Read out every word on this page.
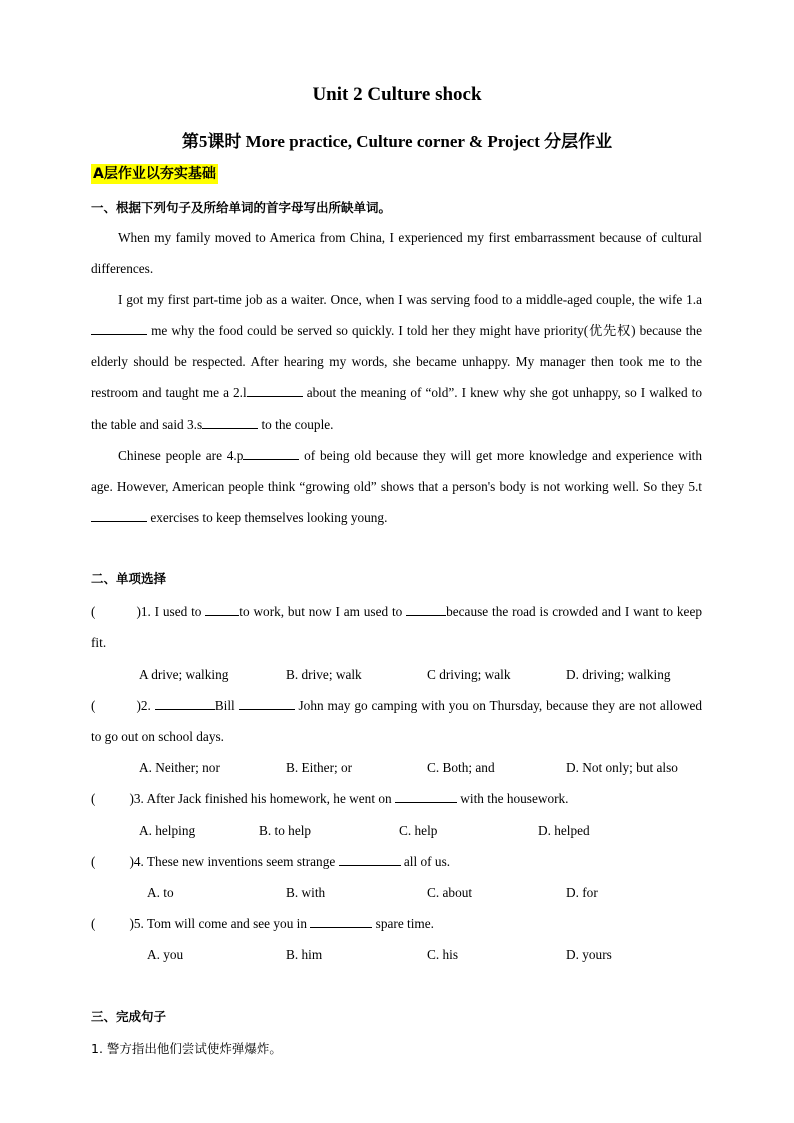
Unit 2 Culture shock
第5课时 More practice, Culture corner & Project 分层作业
A层作业以夯实基础
一、根据下列句子及所给单词的首字母写出所缺单词。

When my family moved to America from China, I experienced my first embarrassment because of cultural differences.

I got my first part-time job as a waiter. Once, when I was serving food to a middle-aged couple, the wife 1.a me why the food could be served so quickly. I told her they might have priority(优先权) because the elderly should be respected. After hearing my words, she became unhappy. My manager then took me to the restroom and taught me a 2.l	about the meaning of “old”. I knew why she got unhappy, so I walked to the table and said 3.s	to the couple.

Chinese people are 4.p	of being old because they will get more knowledge and experience with age. However, American people think “growing old” shows that a person's body is not working well. So they 5.t exercises to keep themselves looking young.

二、单项选择
(	)1. I used to	to work, but now I am used to	because the road is crowded and I want to keep fit.
A drive; walking	B. drive; walk	C driving; walk	D. driving; walking
(	)2.	Bill	John may go camping with you on Thursday, because they are not allowed to go out on school days.
A. Neither; nor	B. Either; or	C. Both; and	D. Not only; but also
(	)3. After Jack finished his homework, he went on	with the housework.
A. helping	B. to help	C. help	D. helped
(	)4. These new inventions seem strange	all of us.
A. to	B. with	C. about	D. for
(	)5. Tom will come and see you in	spare time.
A. you	B. him	C. his	D. yours
三、完成句子
1. 警方指出他们尝试使炸弹爆炸。
